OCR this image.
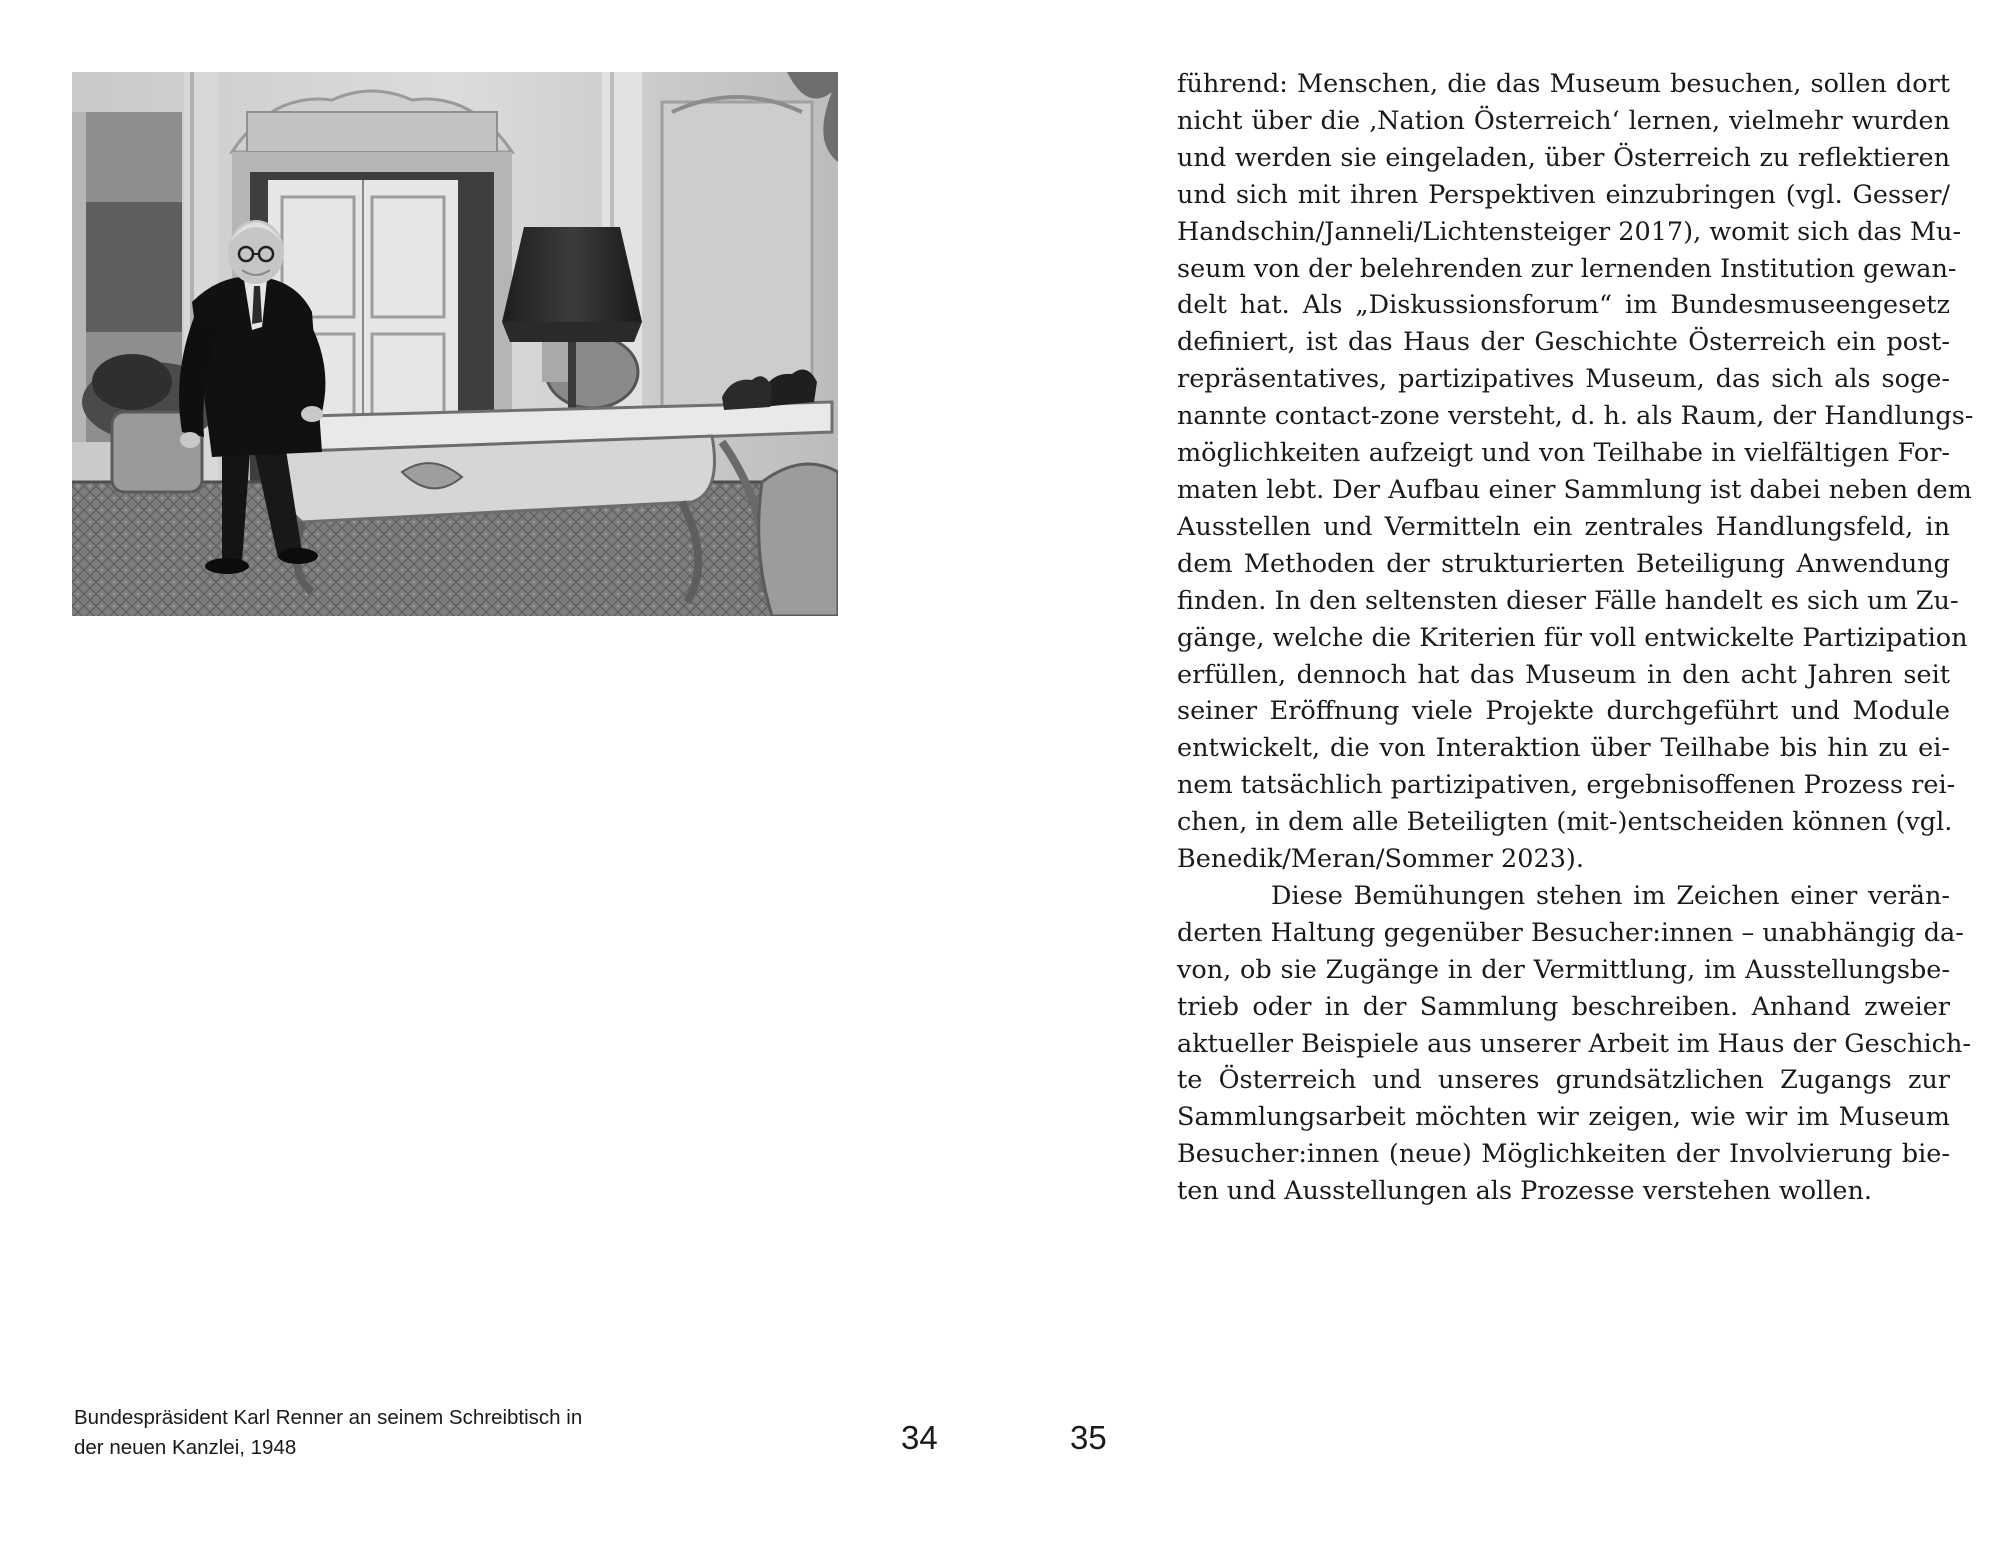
Bundespräsident Karl Renner an seinem Schreibtisch in
der neuen Kanzlei, 1948	34	35

führend: Menschen, die das Museum besuchen, sollen dort
nicht über die ‚Nation Österreich‘ lernen, vielmehr wurden
und werden sie eingeladen, über Österreich zu reflektieren
und sich mit ihren Perspektiven einzubringen (vgl. Gesser/
Handschin/Janneli/Lichtensteiger 2017), womit sich das Mu-
seum von der belehrenden zur lernenden Institution gewan-
delt hat. Als „Diskussionsforum“ im Bundesmuseengesetz
definiert, ist das Haus der Geschichte Österreich ein post-
repräsentatives, partizipatives Museum, das sich als soge-
nannte contact-zone versteht, d. h. als Raum, der Handlungs-
möglichkeiten aufzeigt und von Teilhabe in vielfältigen For-
maten lebt. Der Aufbau einer Sammlung ist dabei neben dem
Ausstellen und Vermitteln ein zentrales Handlungsfeld, in
dem Methoden der strukturierten Beteiligung Anwendung
finden. In den seltensten dieser Fälle handelt es sich um Zu-
gänge, welche die Kriterien für voll entwickelte Partizipation
erfüllen, dennoch hat das Museum in den acht Jahren seit
seiner Eröffnung viele Projekte durchgeführt und Module
entwickelt, die von Interaktion über Teilhabe bis hin zu ei-
nem tatsächlich partizipativen, ergebnisoffenen Prozess rei-
chen, in dem alle Beteiligten (mit-)entscheiden können (vgl.
Benedik/Meran/Sommer 2023).

Diese Bemühungen stehen im Zeichen einer verän-
derten Haltung gegenüber Besucher:innen – unabhängig da-
von, ob sie Zugänge in der Vermittlung, im Ausstellungsbe-
trieb oder in der Sammlung beschreiben. Anhand zweier
aktueller Beispiele aus unserer Arbeit im Haus der Geschich-
te Österreich und unseres grundsätzlichen Zugangs zur
Sammlungsarbeit möchten wir zeigen, wie wir im Museum
Besucher:innen (neue) Möglichkeiten der Involvierung bie-
ten und Ausstellungen als Prozesse verstehen wollen.
